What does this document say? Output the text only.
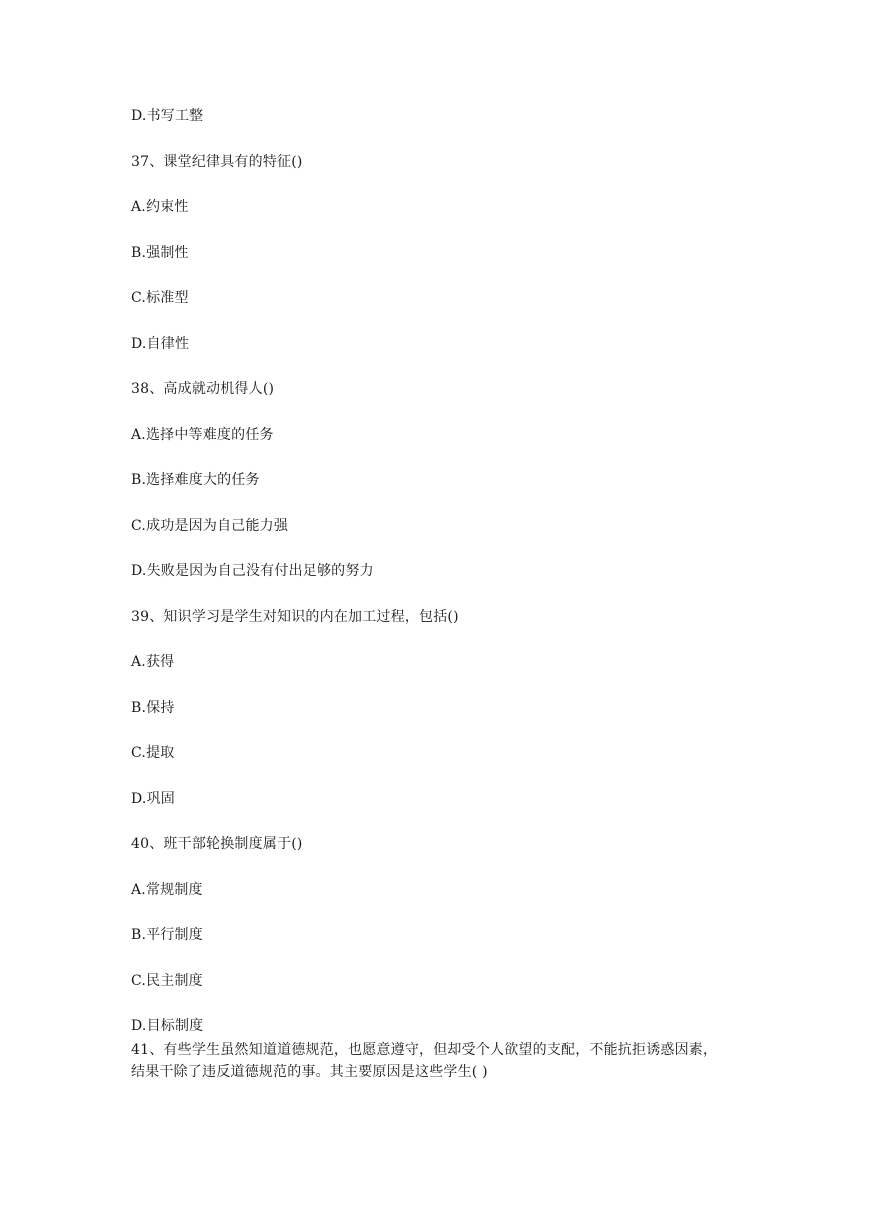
D.书写工整
37、课堂纪律具有的特征()
A.约束性
B.强制性
C.标准型
D.自律性
38、高成就动机得人()
A.选择中等难度的任务
B.选择难度大的任务
C.成功是因为自己能力强
D.失败是因为自己没有付出足够的努力
39、知识学习是学生对知识的内在加工过程，包括()
A.获得
B.保持
C.提取
D.巩固
40、班干部轮换制度属于()
A.常规制度
B.平行制度
C.民主制度
D.目标制度
41、有些学生虽然知道道德规范，也愿意遵守，但却受个人欲望的支配，不能抗拒诱惑因素，
结果干除了违反道德规范的事。其主要原因是这些学生( )
